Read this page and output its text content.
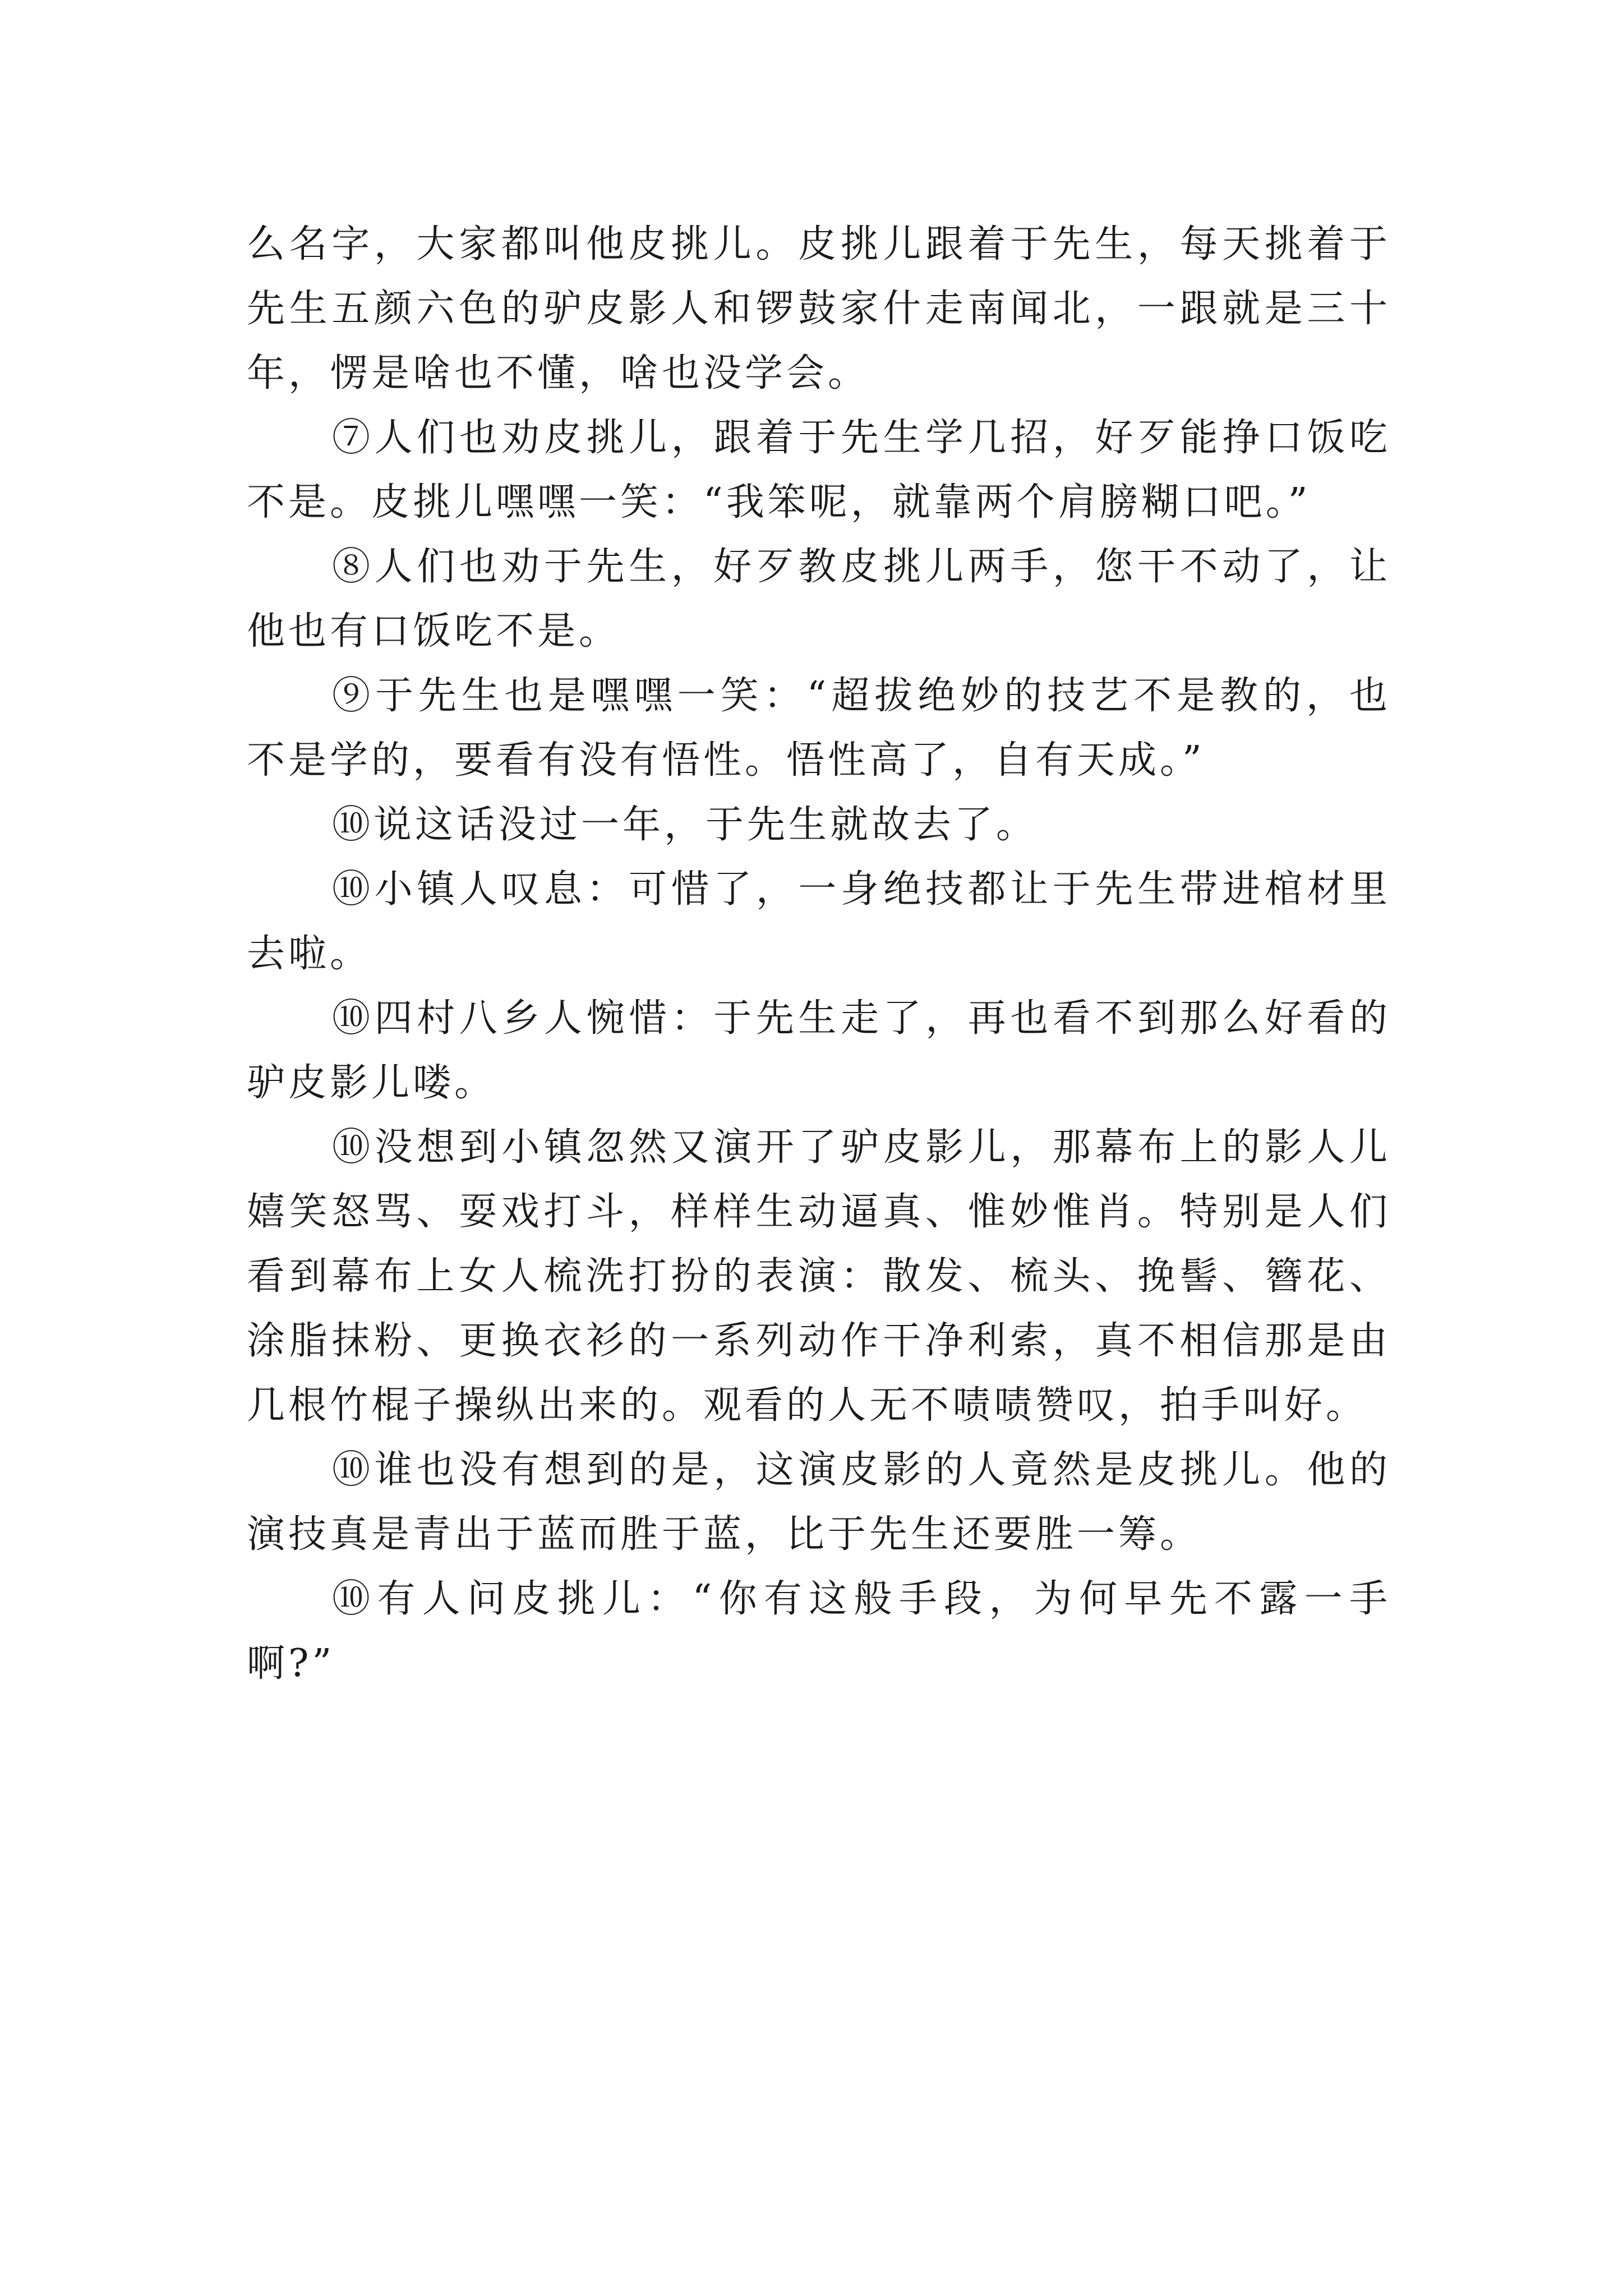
么名字，大家都叫他皮挑儿。皮挑儿跟着于先生，每天挑着于先生五颜六色的驴皮影人和锣鼓家什走南闻北，一跟就是三十年，愣是啥也不懂，啥也没学会。

⑦人们也劝皮挑儿，跟着于先生学几招，好歹能挣口饭吃不是。皮挑儿嘿嘿一笑：“我笨呢，就靠两个肩膀糊口吧。”

⑧人们也劝于先生，好歹教皮挑儿两手，您干不动了，让他也有口饭吃不是。

⑨于先生也是嘿嘿一笑：“超拔绝妙的技艺不是教的，也不是学的，要看有没有悟性。悟性高了，自有天成。”

⑩说这话没过一年，于先生就故去了。

⑩小镇人叹息：可惜了，一身绝技都让于先生带进棺材里去啦。

⑩四村八乡人惋惜：于先生走了，再也看不到那么好看的驴皮影儿喽。

⑩没想到小镇忽然又演开了驴皮影儿，那幕布上的影人儿嬉笑怒骂、耍戏打斗，样样生动逼真、惟妙惟肖。特别是人们看到幕布上女人梳洗打扮的表演：散发、梳头、挽髻、簪花、涂脂抹粉、更换衣衫的一系列动作干净利索，真不相信那是由几根竹棍子操纵出来的。观看的人无不啧啧赞叹，拍手叫好。

⑩谁也没有想到的是，这演皮影的人竟然是皮挑儿。他的演技真是青出于蓝而胜于蓝，比于先生还要胜一筹。

⑩有人问皮挑儿：“你有这般手段，为何早先不露一手啊?”
